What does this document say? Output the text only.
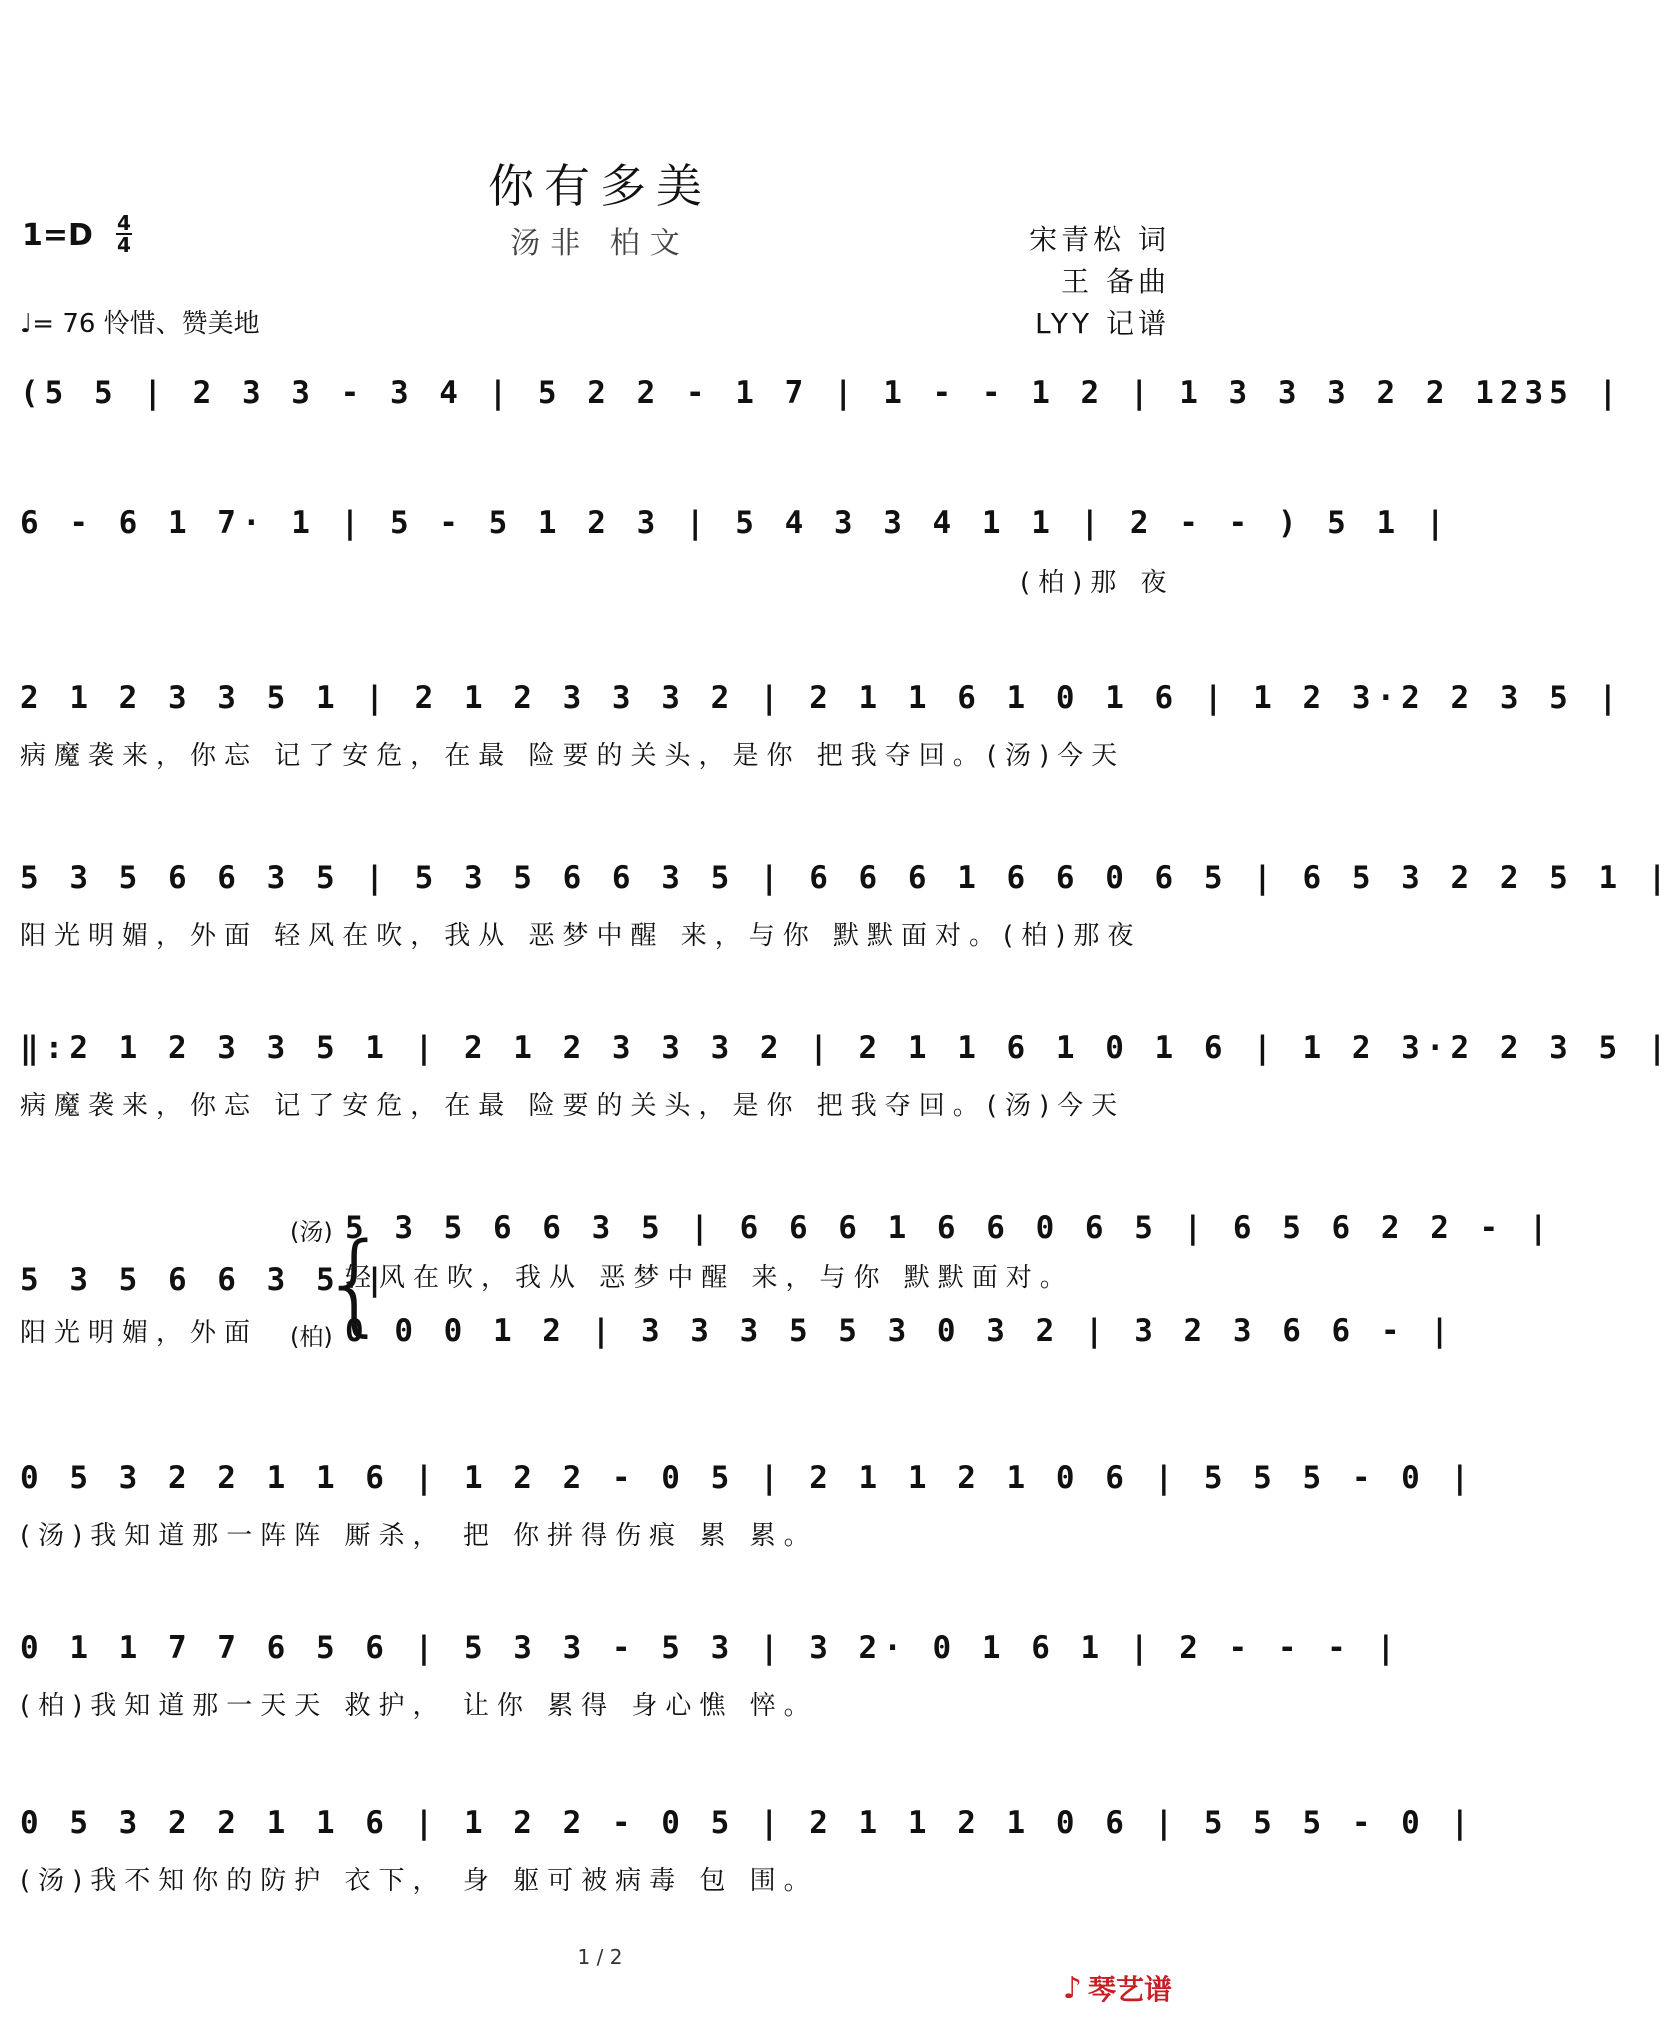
你有多美
汤非 柏文
1=D 4
4	宋青松 词
王 备曲
LYY 记谱
♩= 76 怜惜、赞美地
(5 5 | 2 3 3 - 3 4 | 5 2 2 - 1 7 | 1 - - 1 2 | 1 3 3 3 2 2 1235 |
6 - 6 1 7· 1 | 5 - 5 1 2 3 | 5 4 3 3 4 1 1 | 2 - - ) 5 1 |
(柏)那 夜
2 1 2 3 3 5 1 | 2 1 2 3 3 3 2 | 2 1 1 6 1 0 1 6 | 1 2 3·2 2 3 5 |
病魔袭来，你忘 记了安危，在最 险要的关头，是你 把我夺回。(汤)今天
5 3 5 6 6 3 5 | 5 3 5 6 6 3 5 | 6 6 6 1 6 6 0 6 5 | 6 5 3 2 2 5 1 |
阳光明媚，外面 轻风在吹，我从 恶梦中醒 来，与你 默默面对。(柏)那夜
‖:2 1 2 3 3 5 1 | 2 1 2 3 3 3 2 | 2 1 1 6 1 0 1 6 | 1 2 3·2 2 3 5 |
病魔袭来，你忘 记了安危，在最 险要的关头，是你 把我夺回。(汤)今天
5 3 5 6 6 3 5 |
阳光明媚，外面
(汤) 5 3 5 6 6 3 5 | 6 6 6 1 6 6 0 6 5 | 6 5 6 2 2 - |
{
轻风在吹，我从 恶梦中醒 来，与你 默默面对。
(柏) 0 0 0 1 2 | 3 3 3 5 5 3 0 3 2 | 3 2 3 6 6 - |
0 5 3 2 2 1 1 6 | 1 2 2 - 0 5 | 2 1 1 2 1 0 6 | 5 5 5 - 0 |
(汤)我知道那一阵阵 厮杀， 把 你拼得伤痕 累 累。
0 1 1 7 7 6 5 6 | 5 3 3 - 5 3 | 3 2· 0 1 6 1 | 2 - - - |
(柏)我知道那一天天 救护， 让你 累得 身心憔 悴。
0 5 3 2 2 1 1 6 | 1 2 2 - 0 5 | 2 1 1 2 1 0 6 | 5 5 5 - 0 |
(汤)我不知你的防护 衣下， 身 躯可被病毒 包 围。
1 / 2
♪ 琴艺谱
